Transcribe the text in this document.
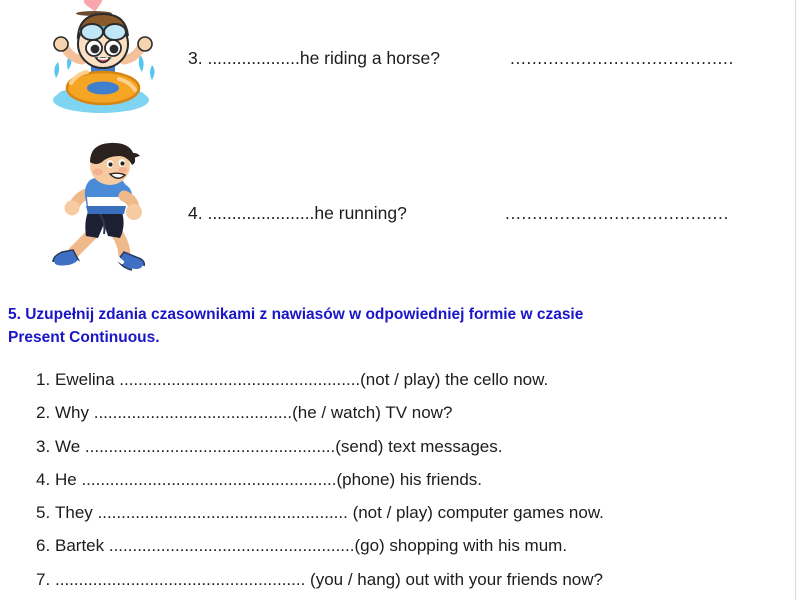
3. ...................he riding a horse?	.........................................
4. ......................he running?	.........................................
5. Uzupełnij zdania czasownikami z nawiasów w odpowiedniej formie w czasie
Present Continuous.
1. Ewelina ...................................................(not / play) the cello now.
2. Why ..........................................(he / watch) TV now?
3. We .....................................................(send) text messages.
4. He ......................................................(phone) his friends.
5. They ..................................................... (not / play) computer games now.
6. Bartek ....................................................(go) shopping with his mum.
7. ..................................................... (you / hang) out with your friends now?
